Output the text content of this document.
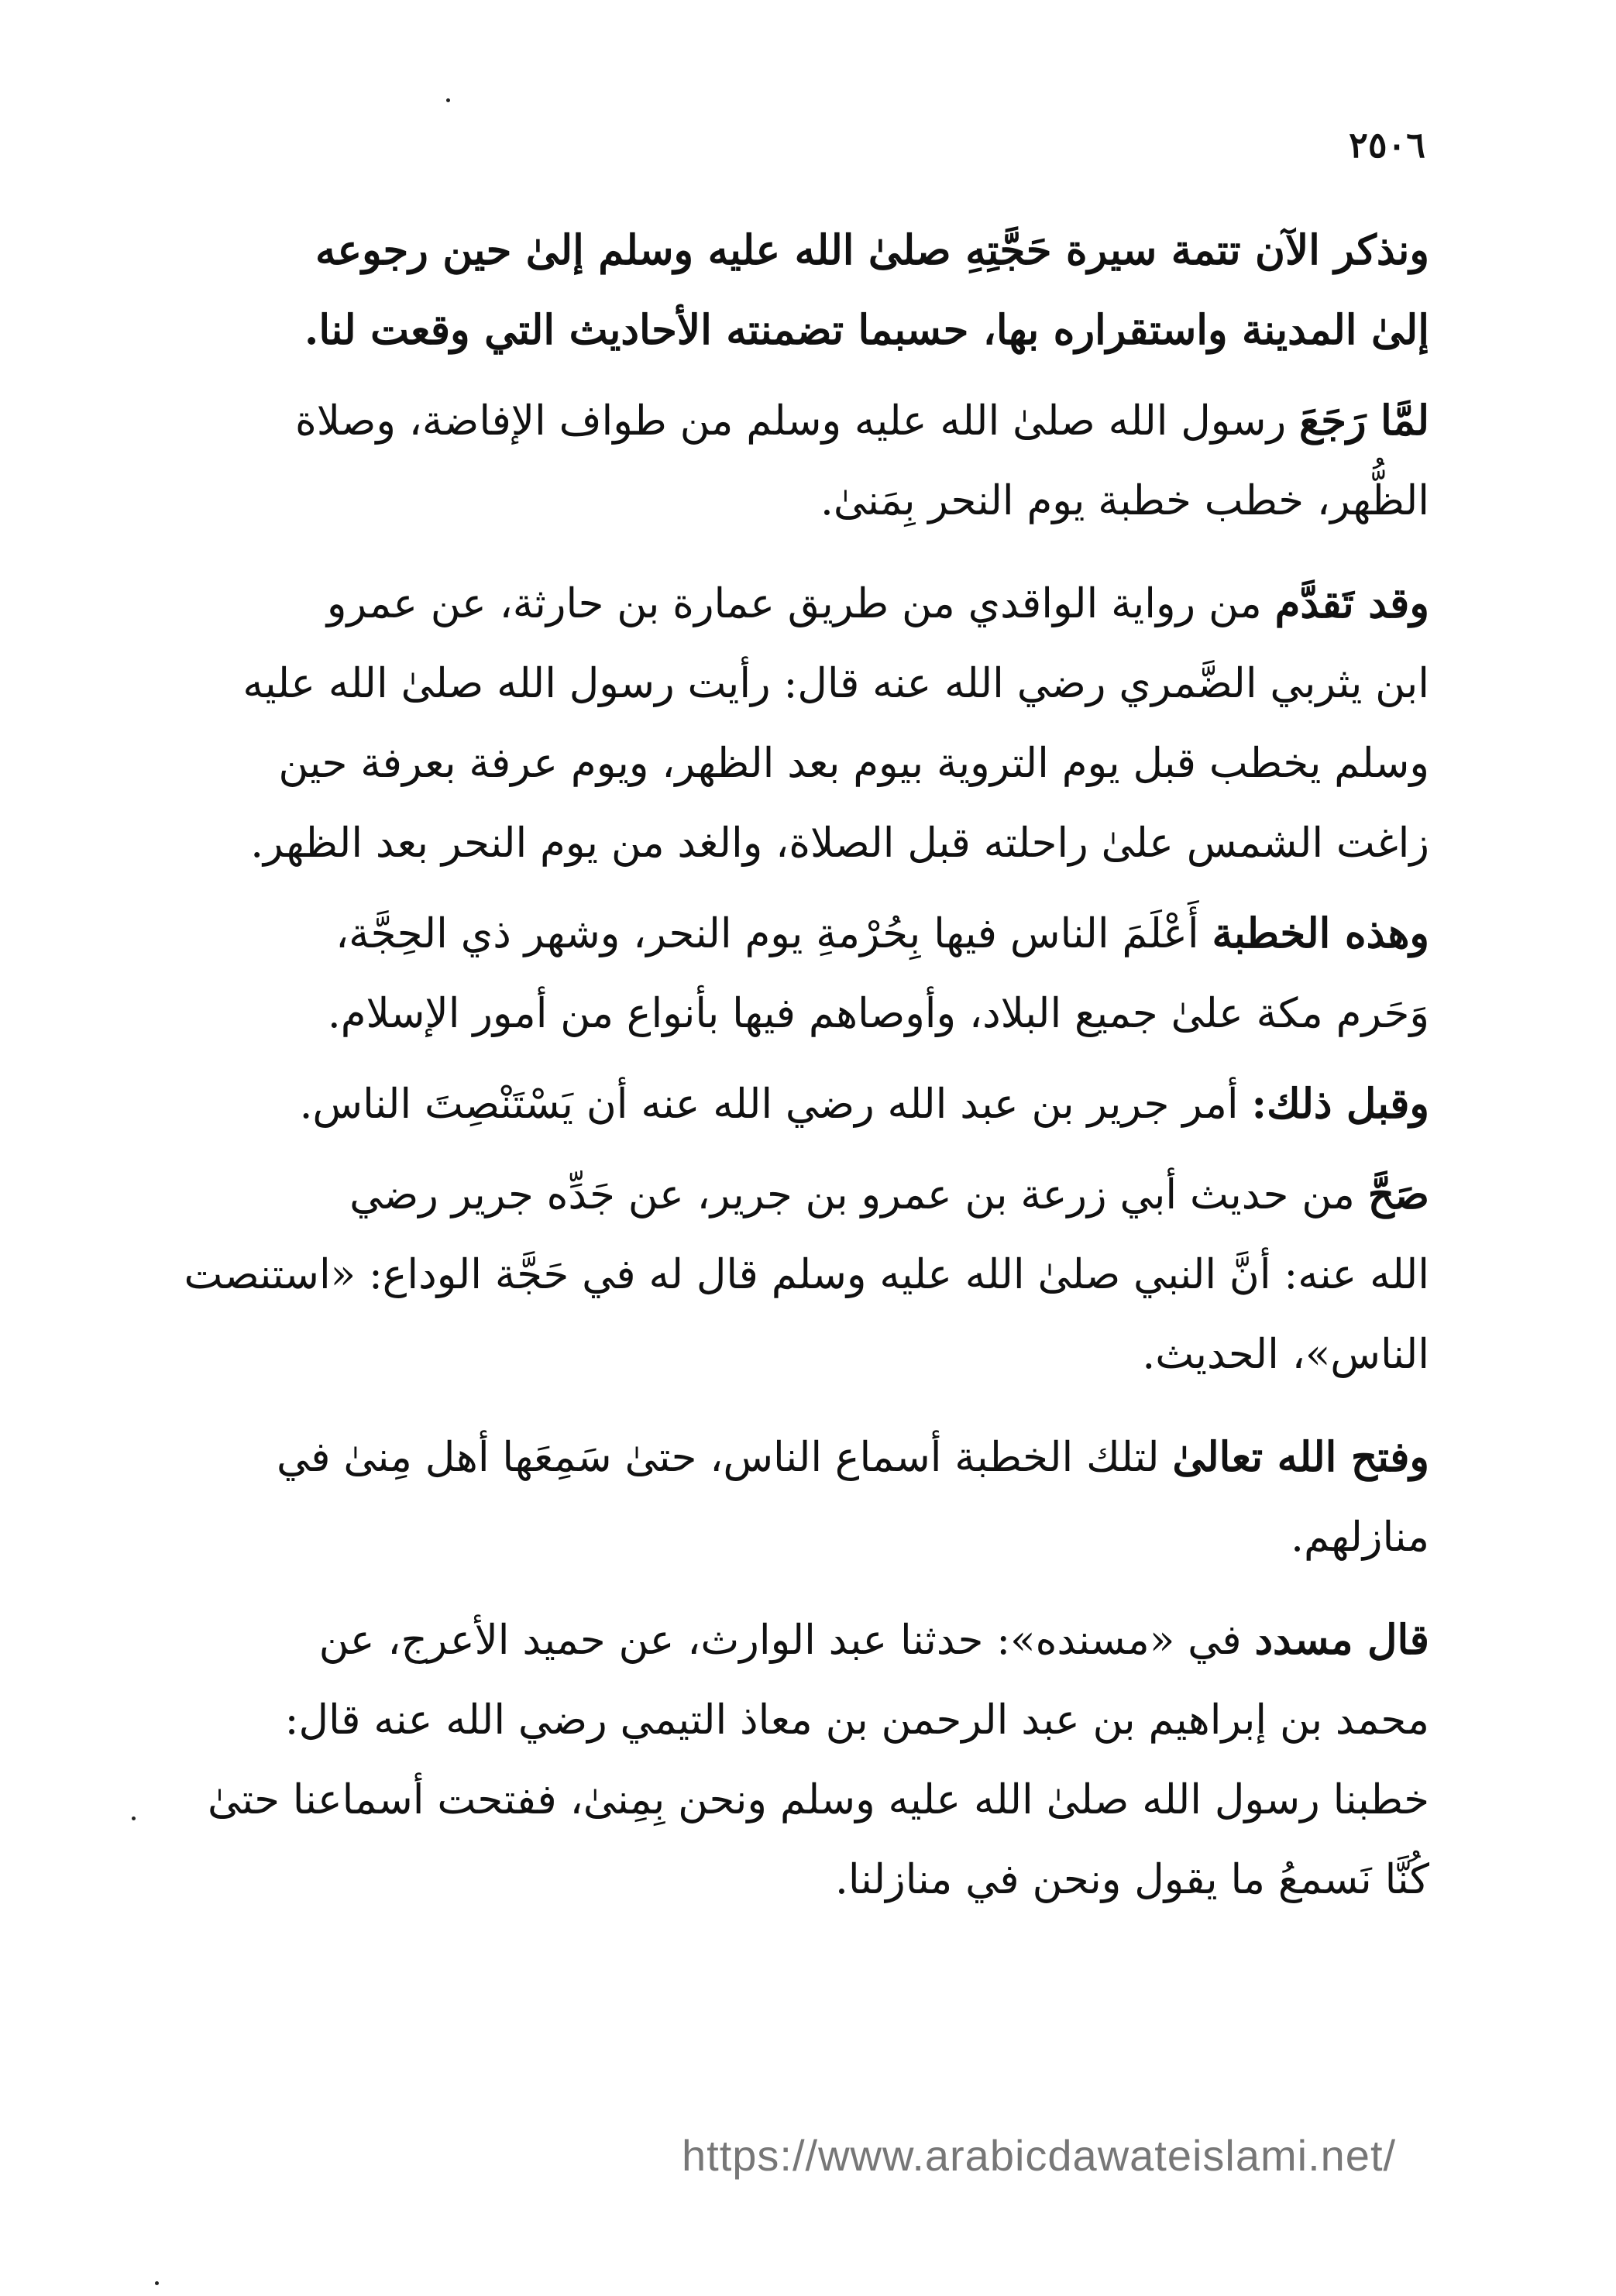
٢٥٠٦

ونذكر الآن تتمة سيرة حَجَّتِهِ صلىٰ الله عليه وسلم إلىٰ حين رجوعه
إلىٰ المدينة واستقراره بها، حسبما تضمنته الأحاديث التي وقعت لنا.

لمَّا رَجَعَ رسول الله صلىٰ الله عليه وسلم من طواف الإفاضة، وصلاة
الظُّهر، خطب خطبة يوم النحر بِمَنىٰ.

وقد تَقدَّم من رواية الواقدي من طريق عمارة بن حارثة، عن عمرو
ابن يثربي الضَّمري رضي الله عنه قال: رأيت رسول الله صلىٰ الله عليه
وسلم يخطب قبل يوم التروية بيوم بعد الظهر، ويوم عرفة بعرفة حين
زاغت الشمس علىٰ راحلته قبل الصلاة، والغد من يوم النحر بعد الظهر.

وهذه الخطبة أَعْلَمَ الناس فيها بِحُرْمةِ يوم النحر، وشهر ذي الحِجَّة،
وَحَرم مكة علىٰ جميع البلاد، وأوصاهم فيها بأنواع من أمور الإسلام.

وقبل ذلك: أمر جرير بن عبد الله رضي الله عنه أن يَسْتَنْصِتَ الناس.

صَحَّ من حديث أبي زرعة بن عمرو بن جرير، عن جَدِّه جرير رضي
الله عنه: أنَّ النبي صلىٰ الله عليه وسلم قال له في حَجَّة الوداع: «استنصت
الناس»، الحديث.

وفتح الله تعالىٰ لتلك الخطبة أسماع الناس، حتىٰ سَمِعَها أهل مِنىٰ في
منازلهم.

قال مسدد في «مسنده»: حدثنا عبد الوارث، عن حميد الأعرج، عن
محمد بن إبراهيم بن عبد الرحمن بن معاذ التيمي رضي الله عنه قال:
خطبنا رسول الله صلىٰ الله عليه وسلم ونحن بِمِنىٰ، ففتحت أسماعنا حتىٰ
كُنَّا نَسمعُ ما يقول ونحن في منازلنا.

https://www.arabicdawateislami.net/
